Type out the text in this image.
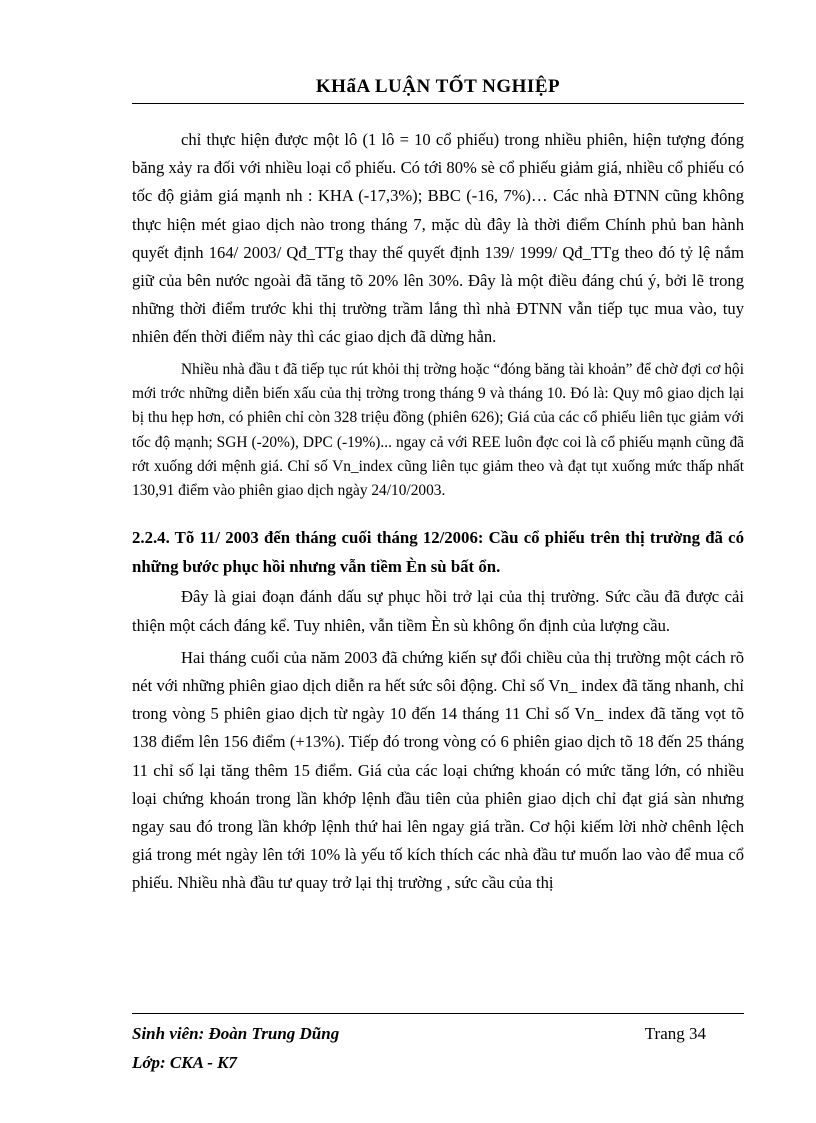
KHẩA LUẬN TỐT NGHIỆP

chỉ thực hiện được một lô (1 lô = 10 cổ phiếu) trong nhiều phiên, hiện tượng đóng băng xảy ra đối với nhiều loại cổ phiếu. Có tới 80% sè cổ phiếu giảm giá, nhiều cổ phiếu có tốc độ giảm giá mạnh nh : KHA (-17,3%); BBC (-16, 7%)… Các nhà ĐTNN cũng không thực hiện mét giao dịch nào trong tháng 7, mặc dù đây là thời điểm Chính phủ ban hành quyết định 164/ 2003/ Qđ_TTg thay thế quyết định 139/ 1999/ Qđ_TTg theo đó tỷ lệ nắm giữ của bên nước ngoài đã tăng tõ 20% lên 30%. Đây là một điều đáng chú ý, bởi lẽ trong những thời điểm trước khi thị trường trầm lắng thì nhà ĐTNN vẫn tiếp tục mua vào, tuy nhiên đến thời điểm này thì các giao dịch đã dừng hẳn.

Nhiều nhà đầu t đã tiếp tục rút khỏi thị trờng hoặc “đóng băng tài khoản” để chờ đợi cơ hội mới trớc những diễn biến xấu của thị trờng trong tháng 9 và tháng 10. Đó là: Quy mô giao dịch lại bị thu hẹp hơn, có phiên chỉ còn 328 triệu đồng (phiên 626); Giá của các cổ phiếu liên tục giảm với tốc độ mạnh; SGH (-20%), DPC (-19%)... ngay cả với REE luôn đợc coi là cổ phiếu mạnh cũng đã rớt xuống dới mệnh giá. Chỉ số Vn_index cũng liên tục giảm theo và đạt tụt xuống mức thấp nhất 130,91 điểm vào phiên giao dịch ngày 24/10/2003.

2.2.4. Tõ 11/ 2003 đến tháng cuối tháng 12/2006: Cầu cổ phiếu trên thị trường đã có những bước phục hồi nhưng vẫn tiềm Èn sù bất ổn.

Đây là giai đoạn đánh dấu sự phục hồi trở lại của thị trường. Sức cầu đã được cải thiện một cách đáng kể. Tuy nhiên, vẫn tiềm Èn sù không ổn định của lượng cầu.

Hai tháng cuối của năm 2003 đã chứng kiến sự đổi chiều của thị trường một cách rõ nét với những phiên giao dịch diễn ra hết sức sôi động. Chỉ số Vn_ index đã tăng nhanh, chỉ trong vòng 5 phiên giao dịch từ ngày 10 đến 14 tháng 11 Chỉ số Vn_ index đã tăng vọt tõ 138 điểm lên 156 điểm (+13%). Tiếp đó trong vòng có 6 phiên giao dịch tõ 18 đến 25 tháng 11 chỉ số lại tăng thêm 15 điểm. Giá của các loại chứng khoán có mức tăng lớn, có nhiều loại chứng khoán trong lần khớp lệnh đầu tiên của phiên giao dịch chỉ đạt giá sàn nhưng ngay sau đó trong lần khớp lệnh thứ hai lên ngay giá trần. Cơ hội kiếm lời nhờ chênh lệch giá trong mét ngày lên tới 10% là yếu tố kích thích các nhà đầu tư muốn lao vào để mua cổ phiếu. Nhiều nhà đầu tư quay trở lại thị trường , sức cầu của thị

Sinh viên: Đoàn Trung Dũng	Trang 34
Lớp: CKA - K7
